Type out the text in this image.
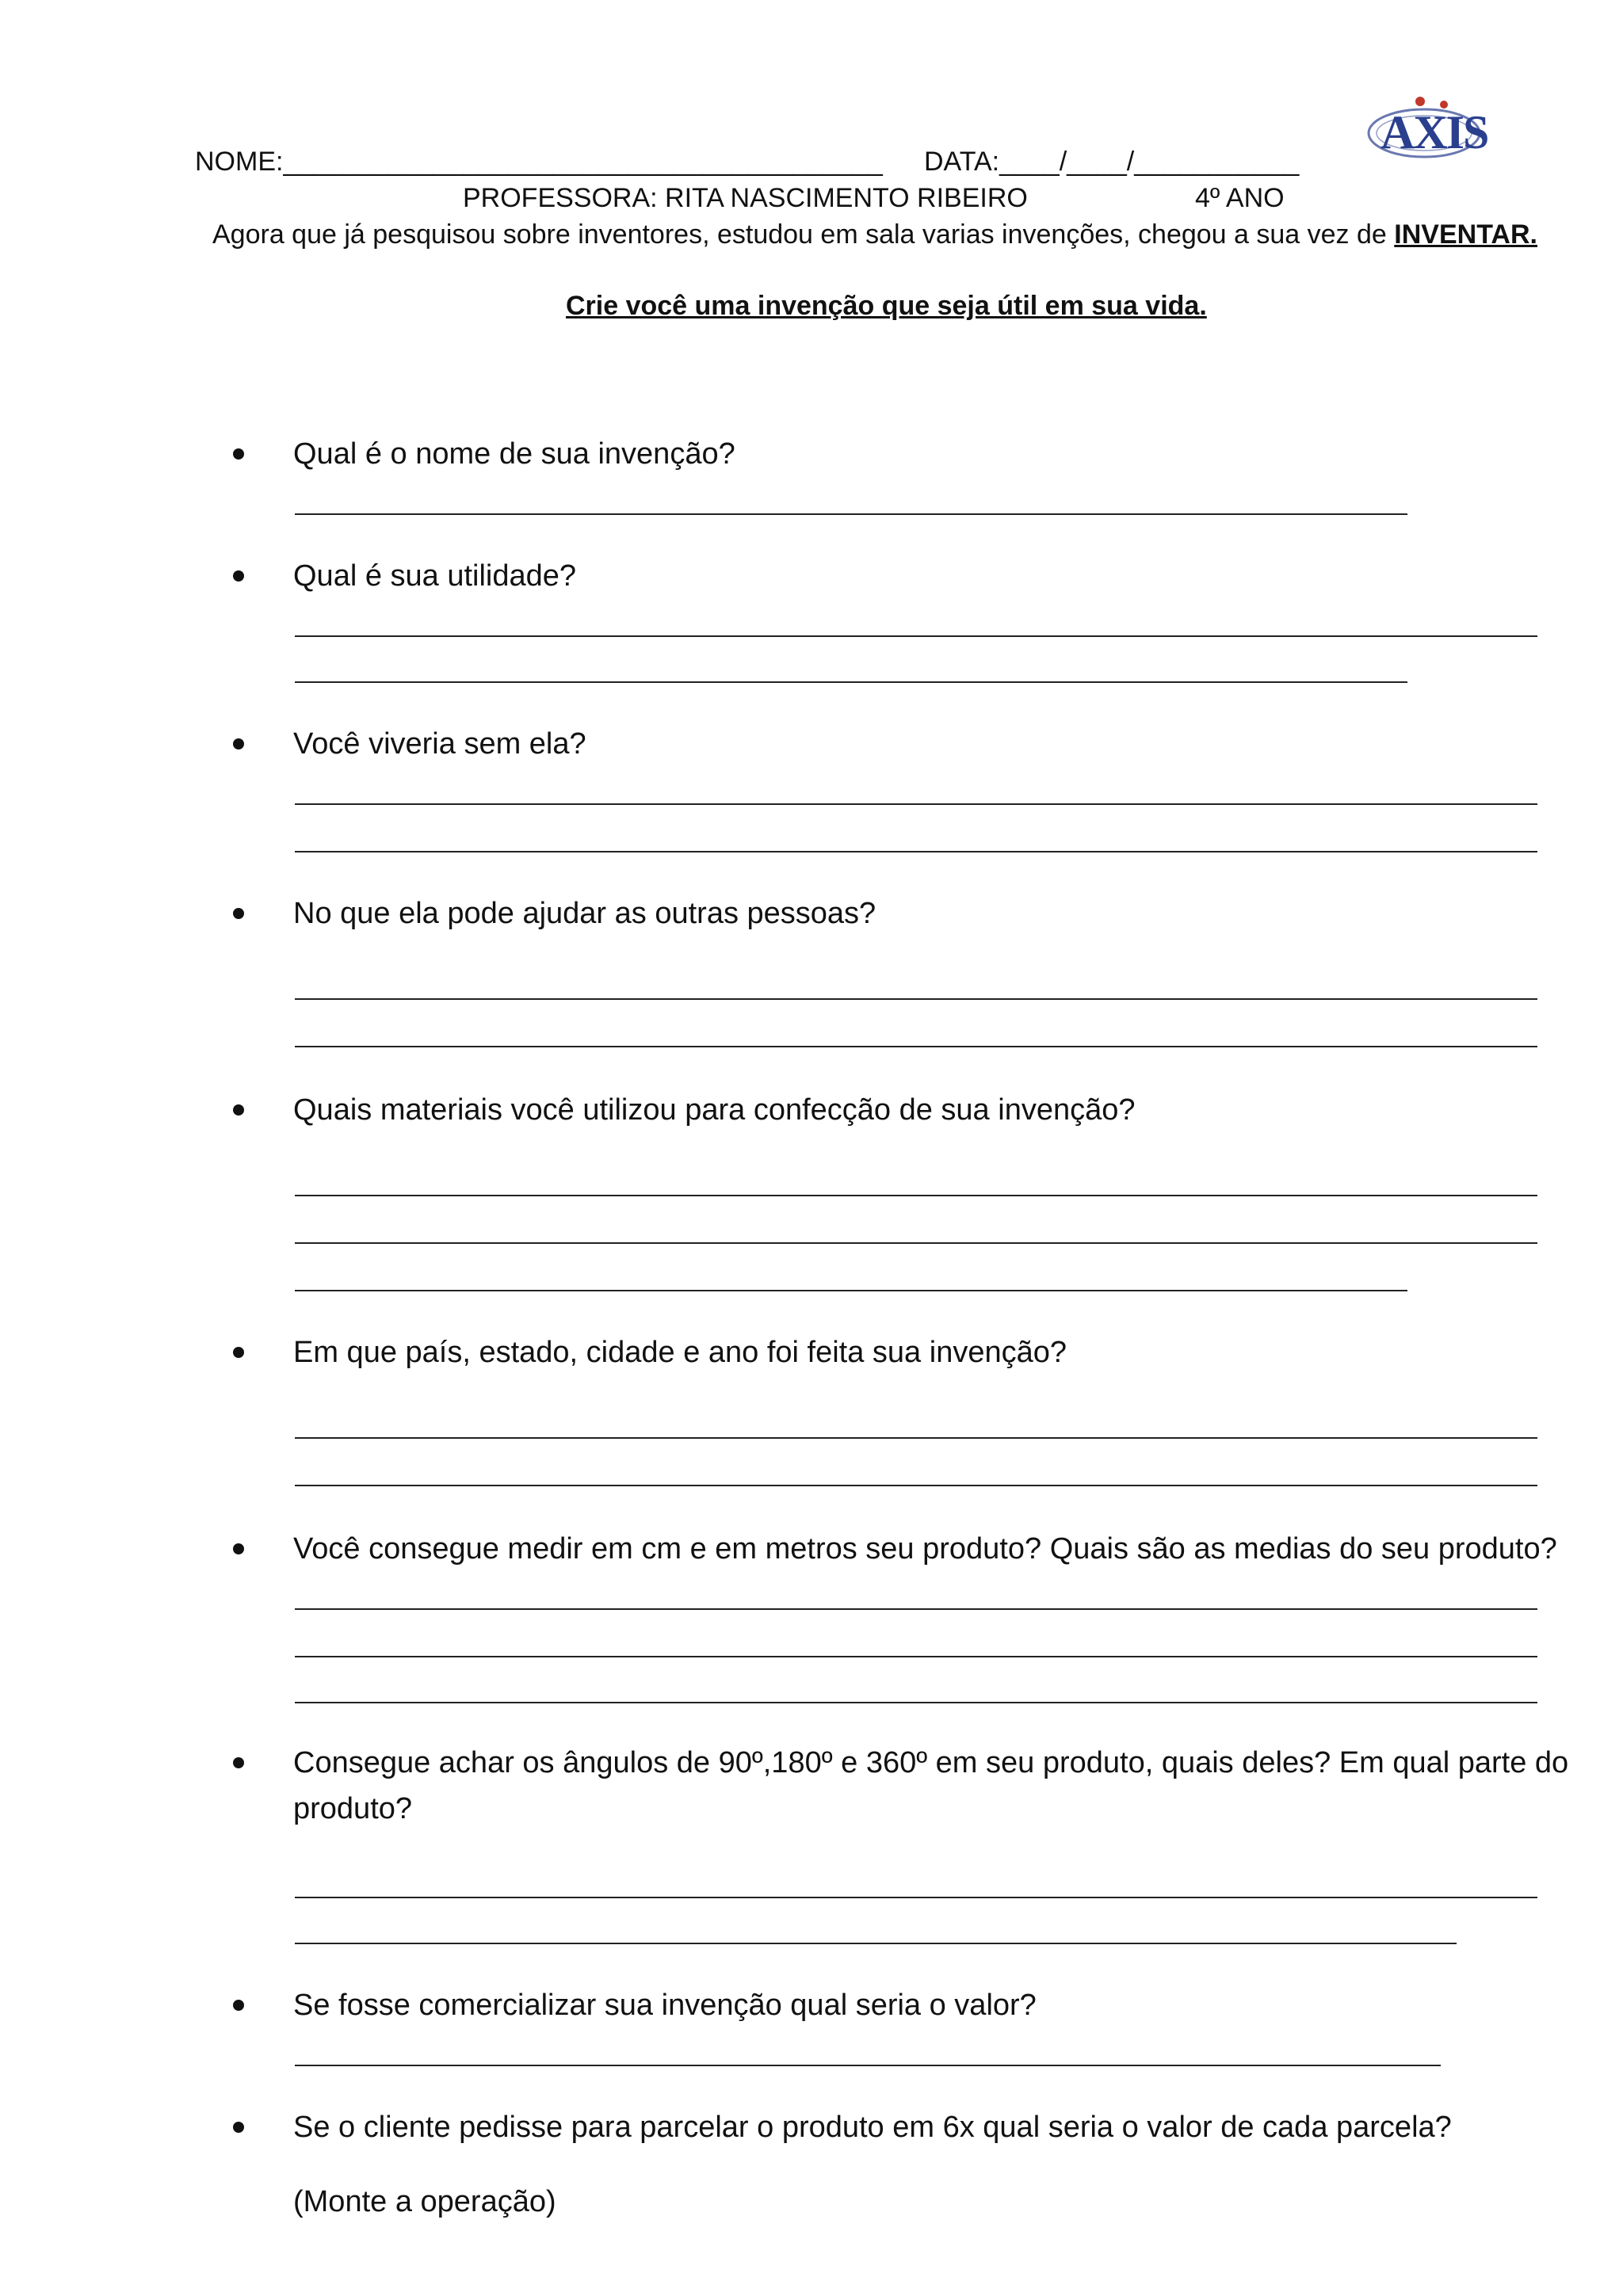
NOME:________________________________________ DATA:____/____/___________
AXIS
PROFESSORA: RITA NASCIMENTO RIBEIRO	4º ANO
Agora que já pesquisou sobre inventores, estudou em sala varias invenções, chegou a sua vez de INVENTAR.
Crie você uma invenção que seja útil em sua vida.
Qual é o nome de sua invenção?
Qual é sua utilidade?
Você viveria sem ela?
No que ela pode ajudar as outras pessoas?
Quais materiais você utilizou para confecção de sua invenção?
Em que país, estado, cidade e ano foi feita sua invenção?
Você consegue medir em cm e em metros seu produto? Quais são as medias do seu produto?
Consegue achar os ângulos de 90º,180º e 360º em seu produto, quais deles? Em qual parte do
produto?
Se fosse comercializar sua invenção qual seria o valor?
Se o cliente pedisse para parcelar o produto em 6x qual seria o valor de cada parcela?
(Monte a operação)
